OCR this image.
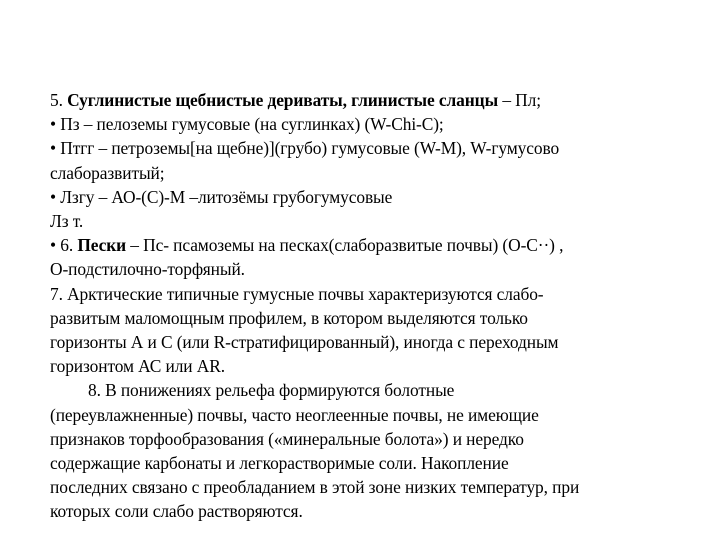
5. Суглинистые щебнистые дериваты, глинистые сланцы – Пл;

• Пз – пелоземы гумусовые (на суглинках) (W-Chi-C);

• Птгг – петроземы[на щебне)](грубо) гумусовые (W-M), W-гумусово

слаборазвитый;

• Лзгу – АО-(С)-М –литозёмы грубогумусовые

Лз т.

• 6. Пески – Пс- псамоземы на песках(слаборазвитые почвы) (О-С··) ,

О-подстилочно-торфяный.

7. Арктические типичные гумусные почвы характеризуются слабо-

развитым маломощным профилем, в котором выделяются только

горизонты А и С (или R-стратифицированный), иногда с переходным

горизонтом АС или AR.

8. В понижениях рельефа формируются болотные

(переувлажненные) почвы, часто неоглеенные почвы, не имеющие

признаков торфообразования («минеральные болота») и нередко

содержащие карбонаты и легкорастворимые соли. Накопление

последних связано с преобладанием в этой зоне низких температур, при

которых соли слабо растворяются.
